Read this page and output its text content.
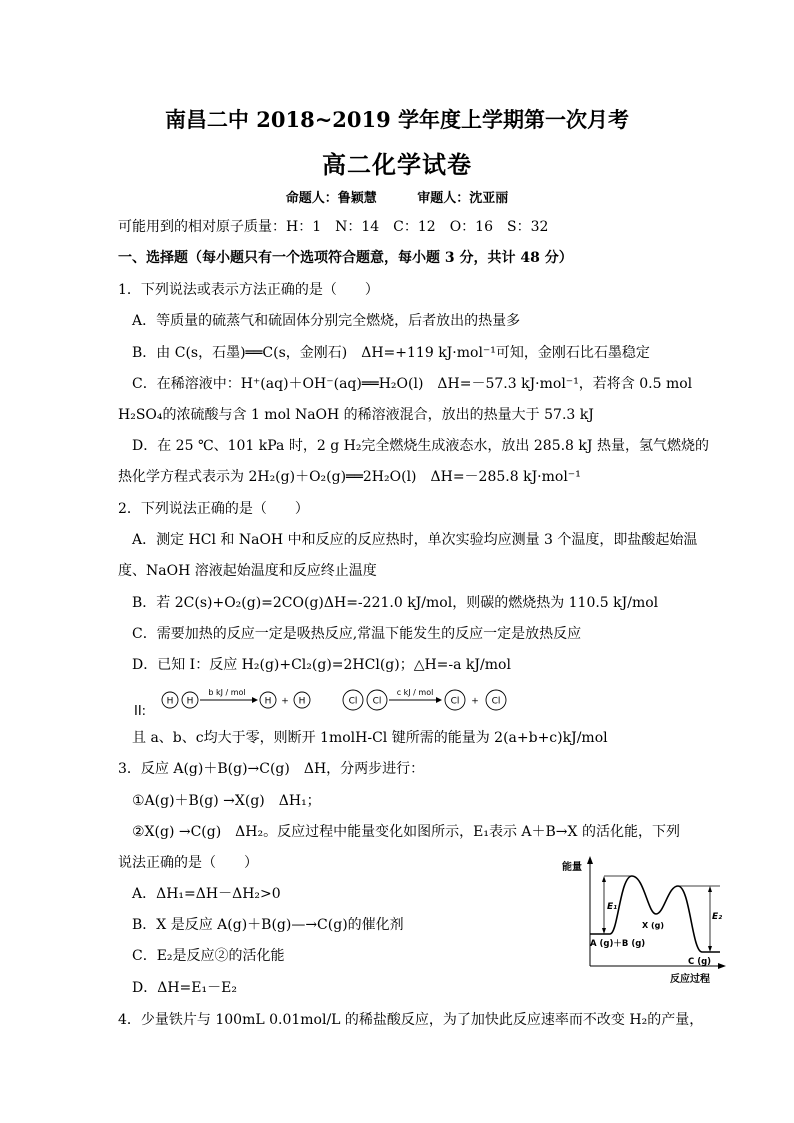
南昌二中 2018~2019 学年度上学期第一次月考
高二化学试卷
命题人：鲁颖慧	审题人：沈亚丽
可能用到的相对原子质量：H：1　N：14　C：12　O：16　S：32
一、选择题（每小题只有一个选项符合题意，每小题 3 分，共计 48 分）
1．下列说法或表示方法正确的是（　　）
A．等质量的硫蒸气和硫固体分别完全燃烧，后者放出的热量多
B．由 C(s，石墨)══C(s，金刚石)　ΔH=+119 kJ·mol⁻¹可知，金刚石比石墨稳定
C．在稀溶液中：H⁺(aq)＋OH⁻(aq)══H₂O(l)　ΔH=－57.3 kJ·mol⁻¹，若将含 0.5 mol
H₂SO₄的浓硫酸与含 1 mol NaOH 的稀溶液混合，放出的热量大于 57.3 kJ
D．在 25 ℃、101 kPa 时，2 g H₂完全燃烧生成液态水，放出 285.8 kJ 热量，氢气燃烧的
热化学方程式表示为 2H₂(g)＋O₂(g)══2H₂O(l)　ΔH=－285.8 kJ·mol⁻¹
2．下列说法正确的是（　　）
A．测定 HCl 和 NaOH 中和反应的反应热时，单次实验均应测量 3 个温度，即盐酸起始温
度、NaOH 溶液起始温度和反应终止温度
B．若 2C(s)+O₂(g)=2CO(g)ΔH=-221.0 kJ/mol，则碳的燃烧热为 110.5 kJ/mol
C．需要加热的反应一定是吸热反应,常温下能发生的反应一定是放热反应
D．已知 I：反应 H₂(g)+Cl₂(g)=2HCl(g)；△H=-a kJ/mol
II:
H H
b kJ / mol
H + H	Cl Cl
c kJ / mol
Cl + Cl
且 a、b、c均大于零，则断开 1molH-Cl 键所需的能量为 2(a+b+c)kJ/mol
3．反应 A(g)＋B(g)→C(g)　ΔH，分两步进行：
①A(g)＋B(g) →X(g)　ΔH₁；
②X(g) →C(g)　ΔH₂。反应过程中能量变化如图所示，E₁表示 A＋B→X 的活化能，下列
说法正确的是（　　）
A．ΔH₁=ΔH－ΔH₂>0
B．X 是反应 A(g)＋B(g)—→C(g)的催化剂
C．E₂是反应②的活化能
D．ΔH=E₁－E₂
能量
反应过程
E₁
E₂
X (g)
A (g)＋B (g)
C (g)
4．少量铁片与 100mL 0.01mol/L 的稀盐酸反应，为了加快此反应速率而不改变 H₂的产量，
